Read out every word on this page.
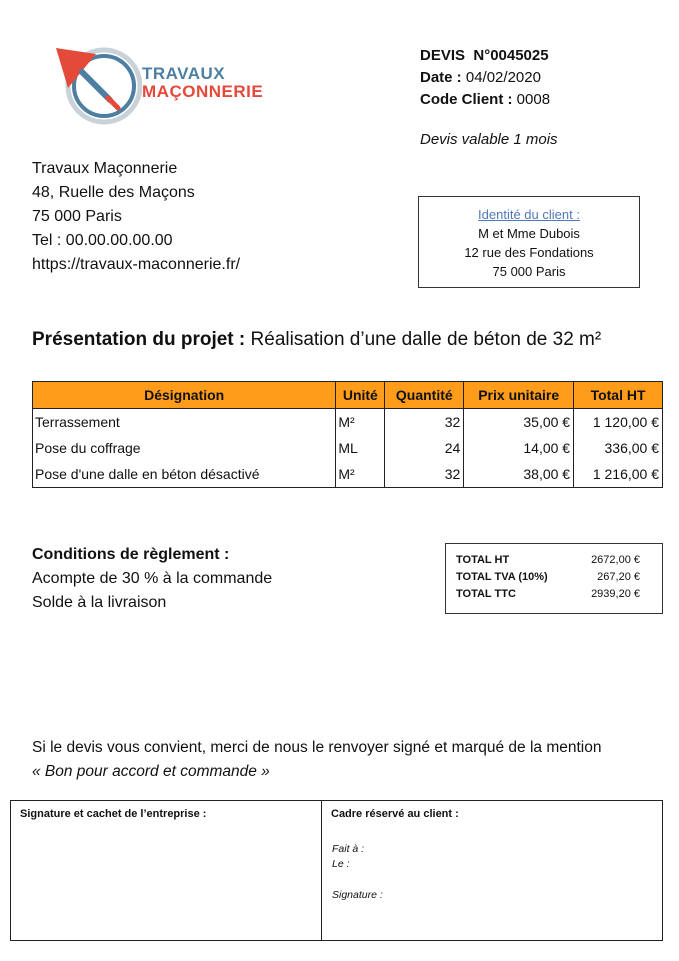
TRAVAUX
MAÇONNERIE
DEVIS N°0045025
Date : 04/02/2020
Code Client : 0008
Devis valable 1 mois
Travaux Maçonnerie
48, Ruelle des Maçons
75 000 Paris
Tel : 00.00.00.00.00
https://travaux-maconnerie.fr/
Identité du client :
M et Mme Dubois
12 rue des Fondations
75 000 Paris
Présentation du projet : Réalisation d’une dalle de béton de 32 m²
Désignation	Unité	Quantité	Prix unitaire	Total HT
Terrassement	M²	32	35,00 €	1 120,00 €
Pose du coffrage	ML	24	14,00 €	336,00 €
Pose d'une dalle en béton désactivé	M²	32	38,00 €	1 216,00 €
Conditions de règlement :
Acompte de 30 % à la commande
Solde à la livraison
TOTAL HT	2672,00 €
TOTAL TVA (10%)	267,20 €
TOTAL TTC	2939,20 €
Si le devis vous convient, merci de nous le renvoyer signé et marqué de la mention
« Bon pour accord et commande »
Signature et cachet de l’entreprise :	Cadre réservé au client :
Fait à :
Le :
Signature :
